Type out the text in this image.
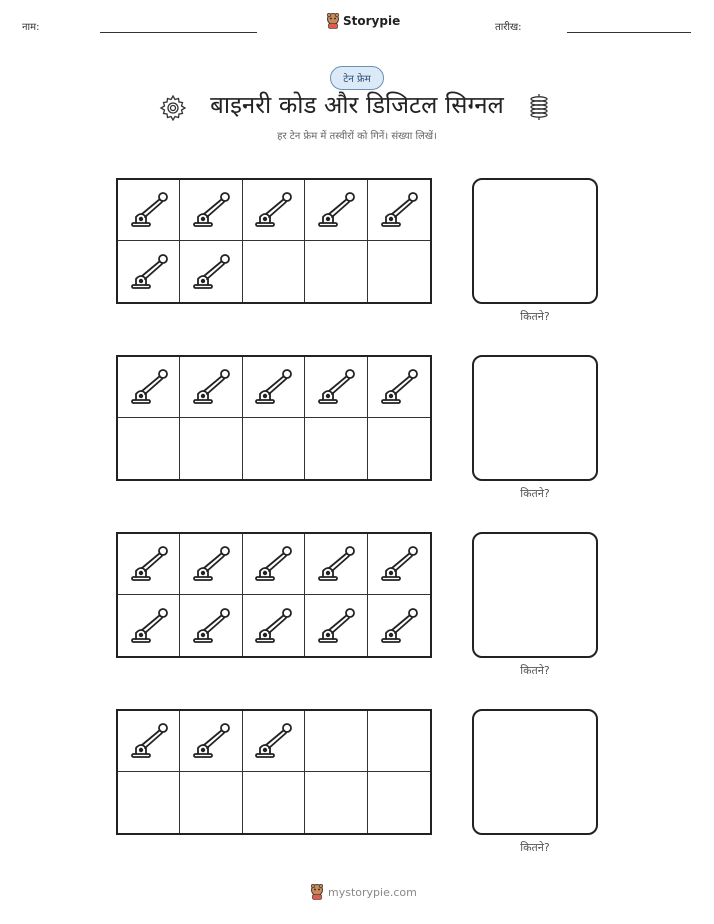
नाम:	Storypie	तारीख:
टेन फ्रेम
बाइनरी कोड और डिजिटल सिग्नल
हर टेन फ्रेम में तस्वीरों को गिनें। संख्या लिखें।
कितने?
कितने?
कितने?
कितने?
mystorypie.com
